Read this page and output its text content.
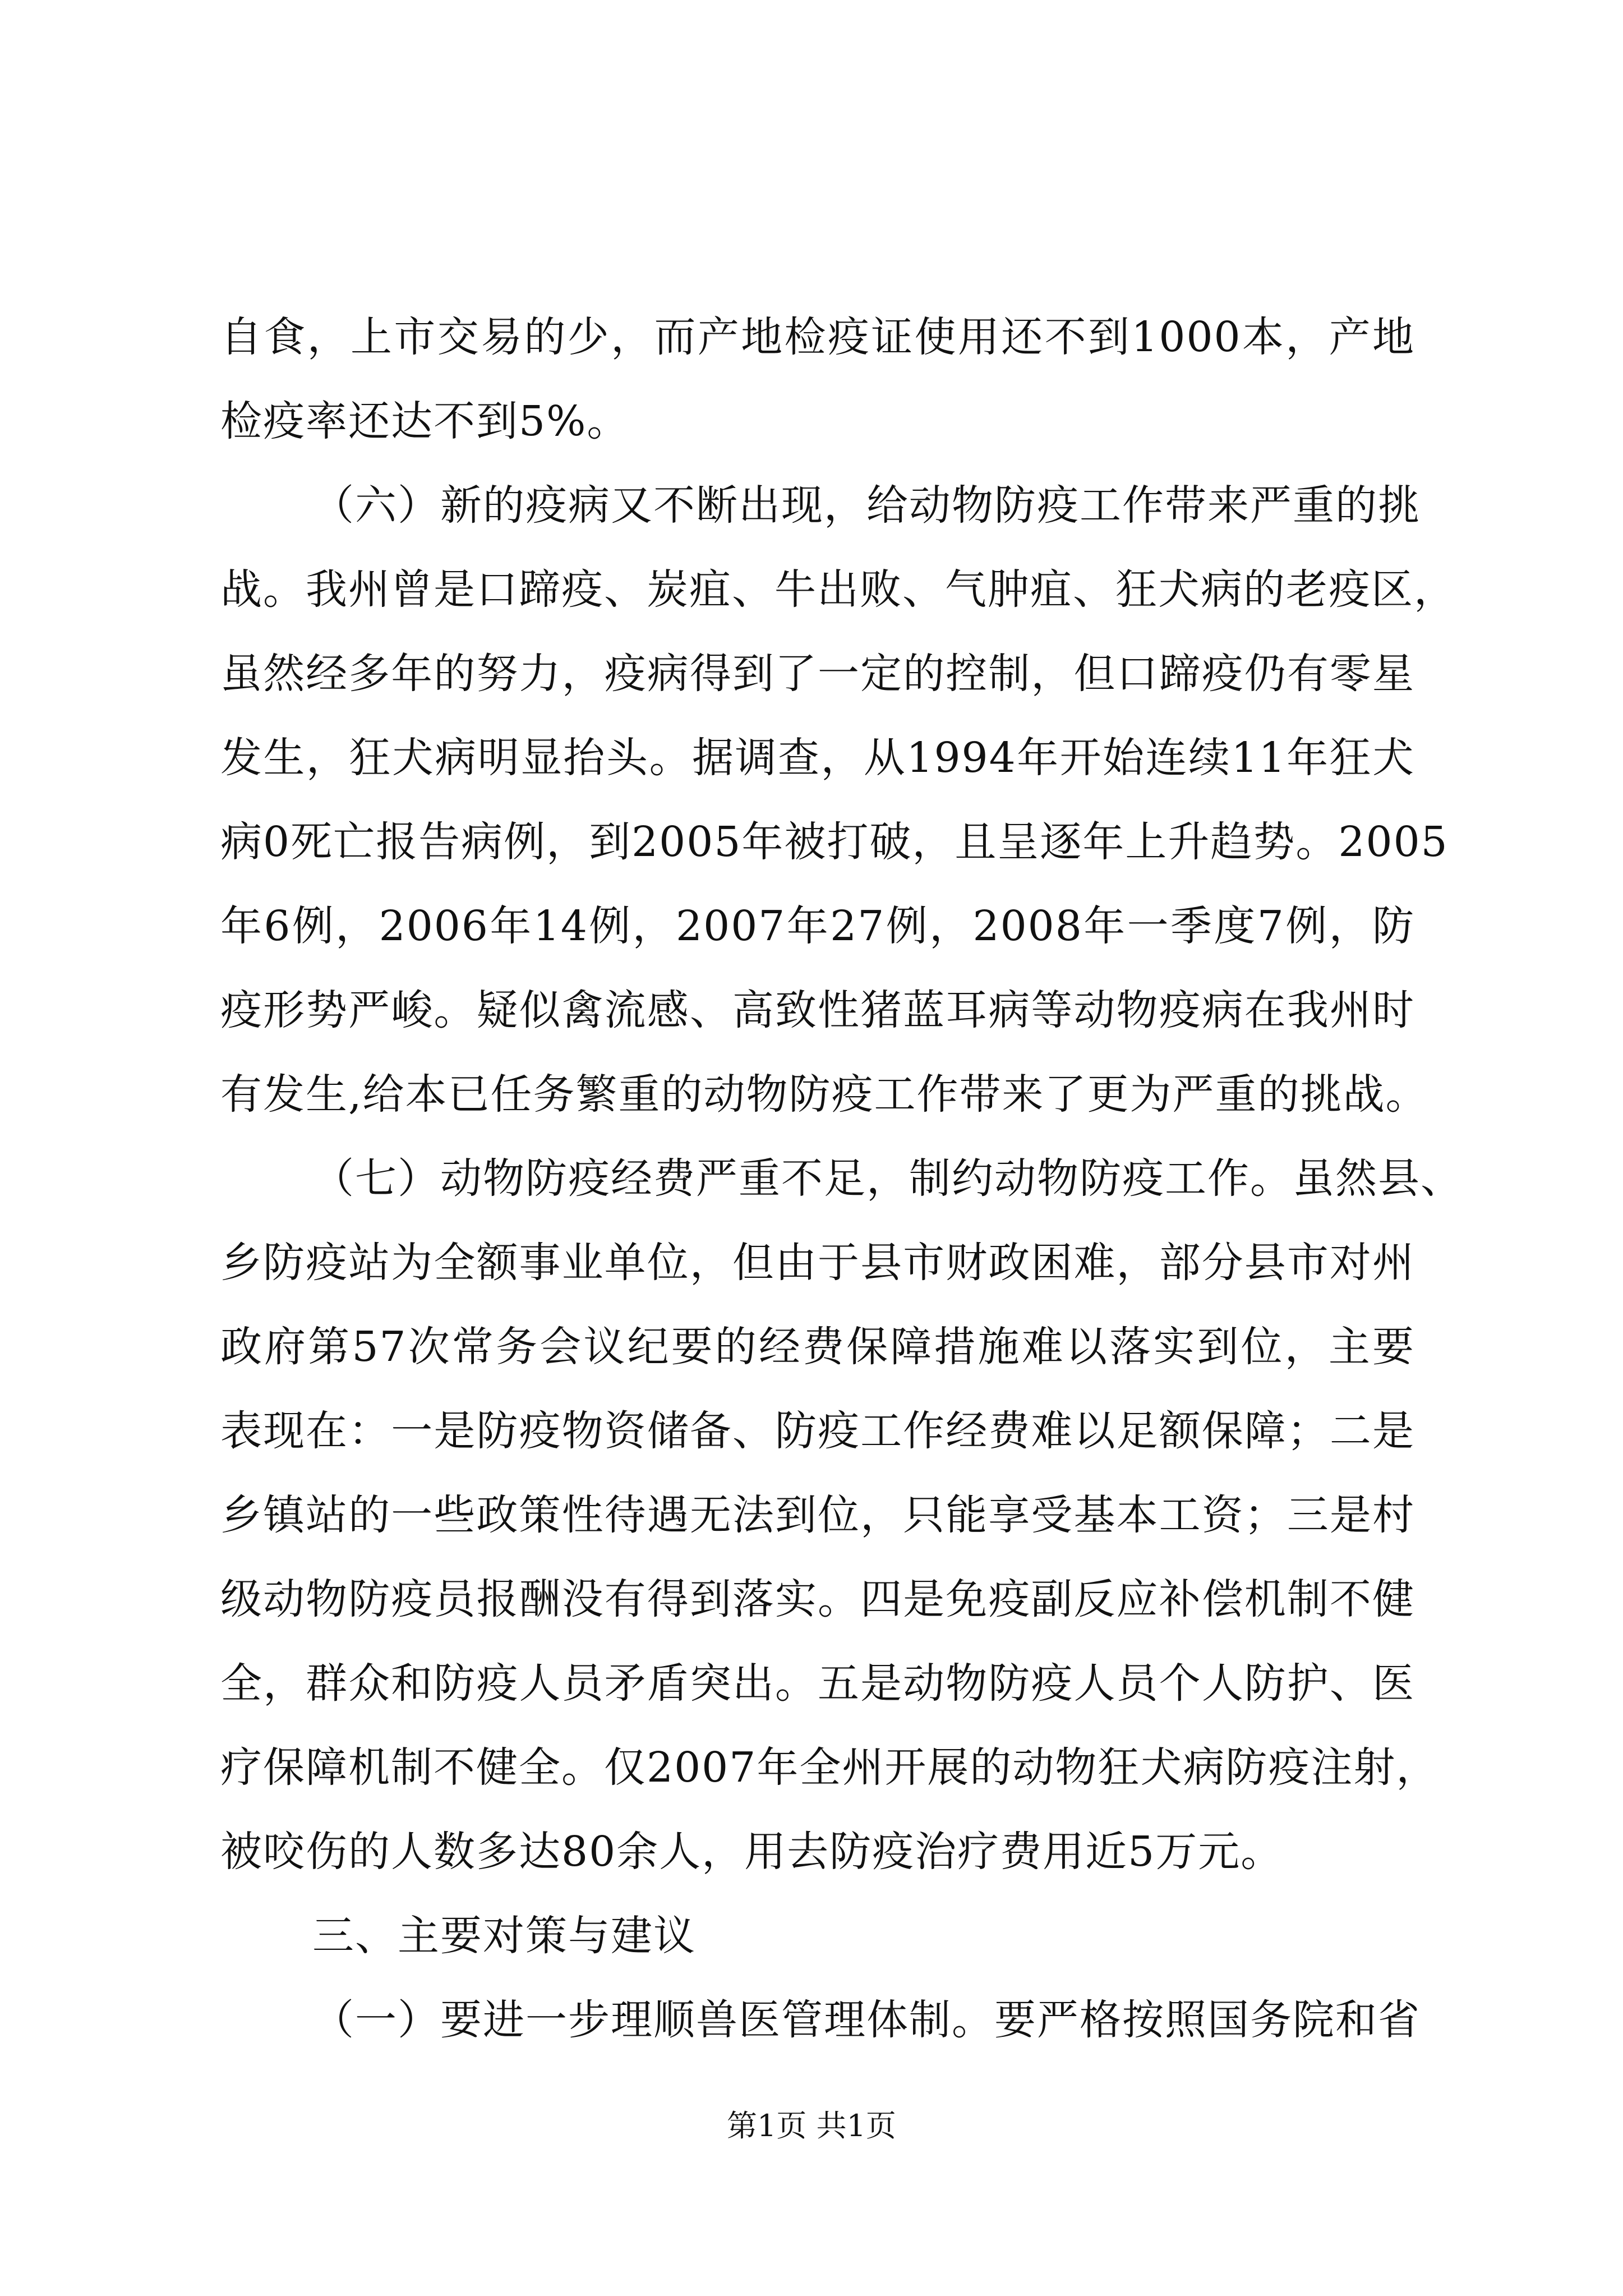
自食，上市交易的少，而产地检疫证使用还不到1000本，产地
检疫率还达不到5%。
（六）新的疫病又不断出现，给动物防疫工作带来严重的挑
战。我州曾是口蹄疫、炭疽、牛出败、气肿疽、狂犬病的老疫区，
虽然经多年的努力，疫病得到了一定的控制，但口蹄疫仍有零星
发生，狂犬病明显抬头。据调查，从1994年开始连续11年狂犬
病0死亡报告病例，到2005年被打破，且呈逐年上升趋势。2005
年6例，2006年14例，2007年27例，2008年一季度7例，防
疫形势严峻。疑似禽流感、高致性猪蓝耳病等动物疫病在我州时
有发生,给本已任务繁重的动物防疫工作带来了更为严重的挑战。
（七）动物防疫经费严重不足，制约动物防疫工作。虽然县、
乡防疫站为全额事业单位，但由于县市财政困难，部分县市对州
政府第57次常务会议纪要的经费保障措施难以落实到位，主要
表现在：一是防疫物资储备、防疫工作经费难以足额保障；二是
乡镇站的一些政策性待遇无法到位，只能享受基本工资；三是村
级动物防疫员报酬没有得到落实。四是免疫副反应补偿机制不健
全，群众和防疫人员矛盾突出。五是动物防疫人员个人防护、医
疗保障机制不健全。仅2007年全州开展的动物狂犬病防疫注射，
被咬伤的人数多达80余人，用去防疫治疗费用近5万元。
三、主要对策与建议
（一）要进一步理顺兽医管理体制。要严格按照国务院和省
第1页 共1页
